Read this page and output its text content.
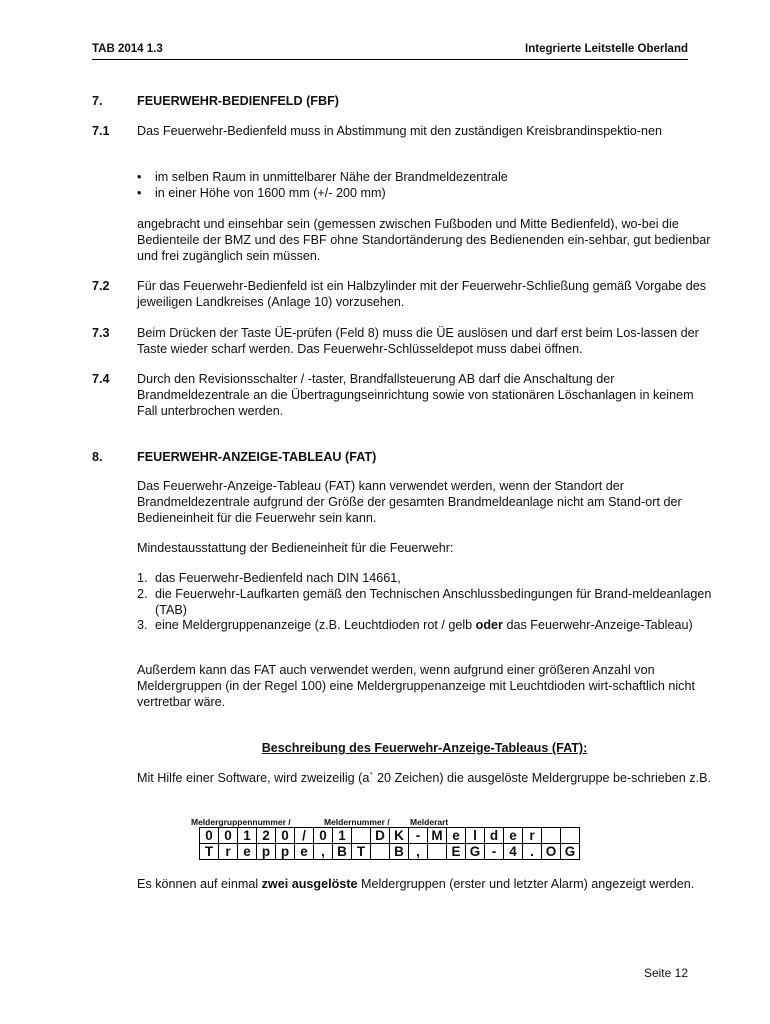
TAB 2014 1.3	Integrierte Leitstelle Oberland
7.	FEUERWEHR-BEDIENFELD (FBF)
7.1 Das Feuerwehr-Bedienfeld muss in Abstimmung mit den zuständigen Kreisbrandinspektio-nen
• im selben Raum in unmittelbarer Nähe der Brandmeldezentrale
• in einer Höhe von 1600 mm (+/- 200 mm)
angebracht und einsehbar sein (gemessen zwischen Fußboden und Mitte Bedienfeld), wo-bei die Bedienteile der BMZ und des FBF ohne Standortänderung des Bedienenden ein-sehbar, gut bedienbar und frei zugänglich sein müssen.
7.2 Für das Feuerwehr-Bedienfeld ist ein Halbzylinder mit der Feuerwehr-Schließung gemäß Vorgabe des jeweiligen Landkreises (Anlage 10) vorzusehen.
7.3 Beim Drücken der Taste ÜE-prüfen (Feld 8) muss die ÜE auslösen und darf erst beim Los-lassen der Taste wieder scharf werden. Das Feuerwehr-Schlüsseldepot muss dabei öffnen.
7.4 Durch den Revisionsschalter / -taster, Brandfallsteuerung AB darf die Anschaltung der Brandmeldezentrale an die Übertragungseinrichtung sowie von stationären Löschanlagen in keinem Fall unterbrochen werden.
8.	FEUERWEHR-ANZEIGE-TABLEAU (FAT)
Das Feuerwehr-Anzeige-Tableau (FAT) kann verwendet werden, wenn der Standort der Brandmeldezentrale aufgrund der Größe der gesamten Brandmeldeanlage nicht am Stand-ort der Bedieneinheit für die Feuerwehr sein kann.
Mindestausstattung der Bedieneinheit für die Feuerwehr:
1. das Feuerwehr-Bedienfeld nach DIN 14661,
2. die Feuerwehr-Laufkarten gemäß den Technischen Anschlussbedingungen für Brand-meldeanlagen (TAB)
3. eine Meldergruppenanzeige (z.B. Leuchtdioden rot / gelb oder das Feuerwehr-Anzeige-Tableau)
Außerdem kann das FAT auch verwendet werden, wenn aufgrund einer größeren Anzahl von Meldergruppen (in der Regel 100) eine Meldergruppenanzeige mit Leuchtdioden wirt-schaftlich nicht vertretbar wäre.
Beschreibung des Feuerwehr-Anzeige-Tableaus (FAT):
Mit Hilfe einer Software, wird zweizeilig (a` 20 Zeichen) die ausgelöste Meldergruppe be-schrieben z.B.
Meldergruppennummer /	Meldernummer / Melderart
0	0	1	2	0	/	0	1		D	K	-	M	e	l	d	e	r		
T	r	e	p	p	e	,	B	T		B	,		E	G	-	4	.	O	G
Es können auf einmal zwei ausgelöste Meldergruppen (erster und letzter Alarm) angezeigt werden.
Seite 12
